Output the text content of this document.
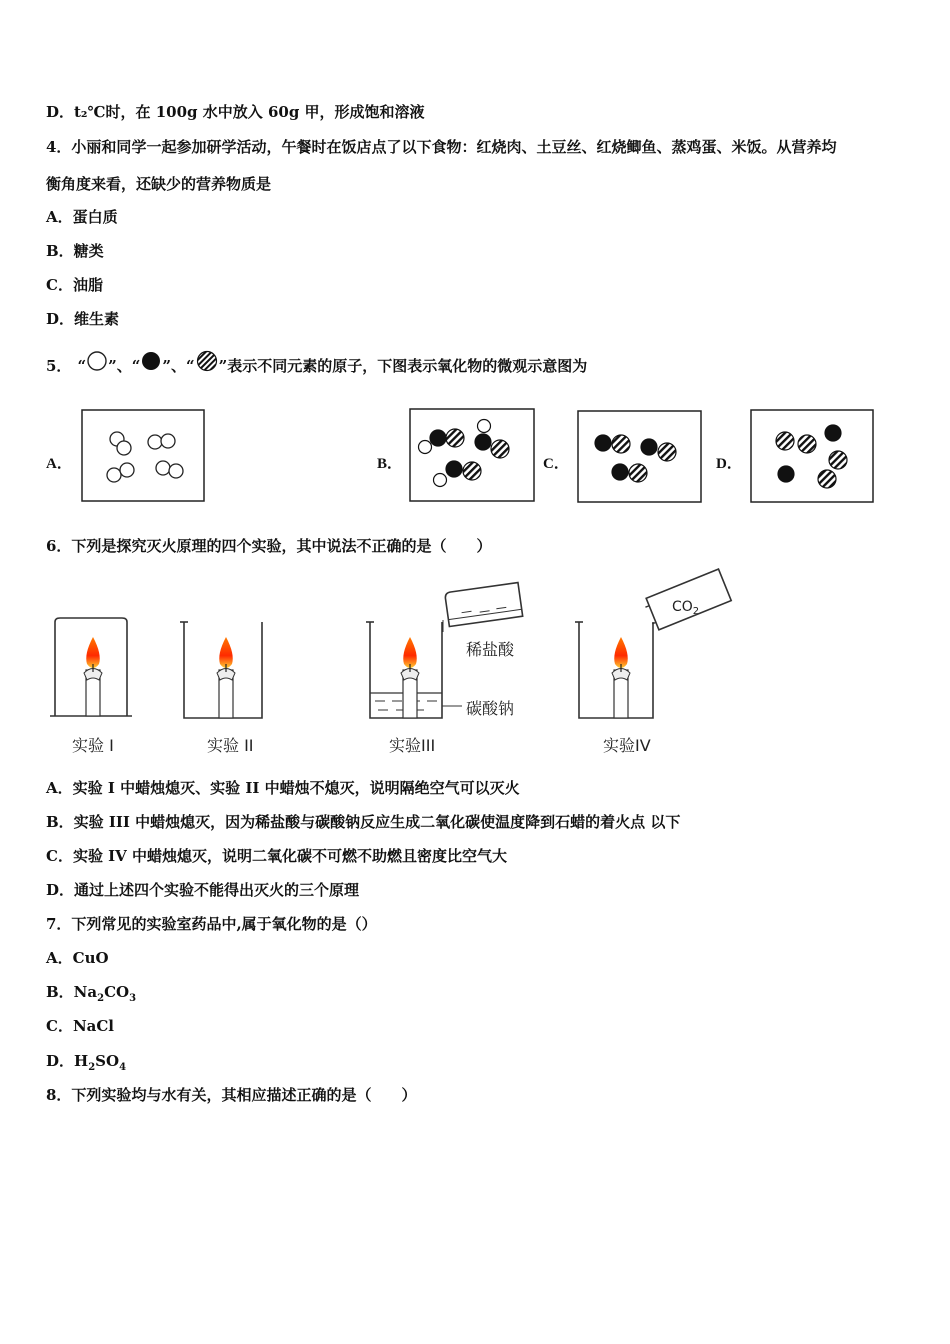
D．t₂℃时，在 100g 水中放入 60g 甲，形成饱和溶液
4．小丽和同学一起参加研学活动，午餐时在饭店点了以下食物：红烧肉、土豆丝、红烧鲫鱼、蒸鸡蛋、米饭。从营养均
衡角度来看，还缺少的营养物质是
A．蛋白质
B．糖类
C．油脂
D．维生素
5． “ ”、“ ”、“ ”表示不同元素的原子，下图表示氧化物的微观示意图为
A．	B．	C．	D．
6．下列是探究灭火原理的四个实验，其中说法不正确的是（　　）
稀盐酸
碳酸钠
$CO_2$
实验 I	实验 II	实验III	实验IV
A．实验 I 中蜡烛熄灭、实验 II 中蜡烛不熄灭，说明隔绝空气可以灭火
B．实验 III 中蜡烛熄灭，因为稀盐酸与碳酸钠反应生成二氧化碳使温度降到石蜡的着火点 以下
C．实验 IV 中蜡烛熄灭，说明二氧化碳不可燃不助燃且密度比空气大
D．通过上述四个实验不能得出灭火的三个原理
7．下列常见的实验室药品中,属于氧化物的是（）
A．CuO
B．$Na_2CO_3$
C．NaCl
D．$H_2SO_4$
8．下列实验均与水有关，其相应描述正确的是（　　）
